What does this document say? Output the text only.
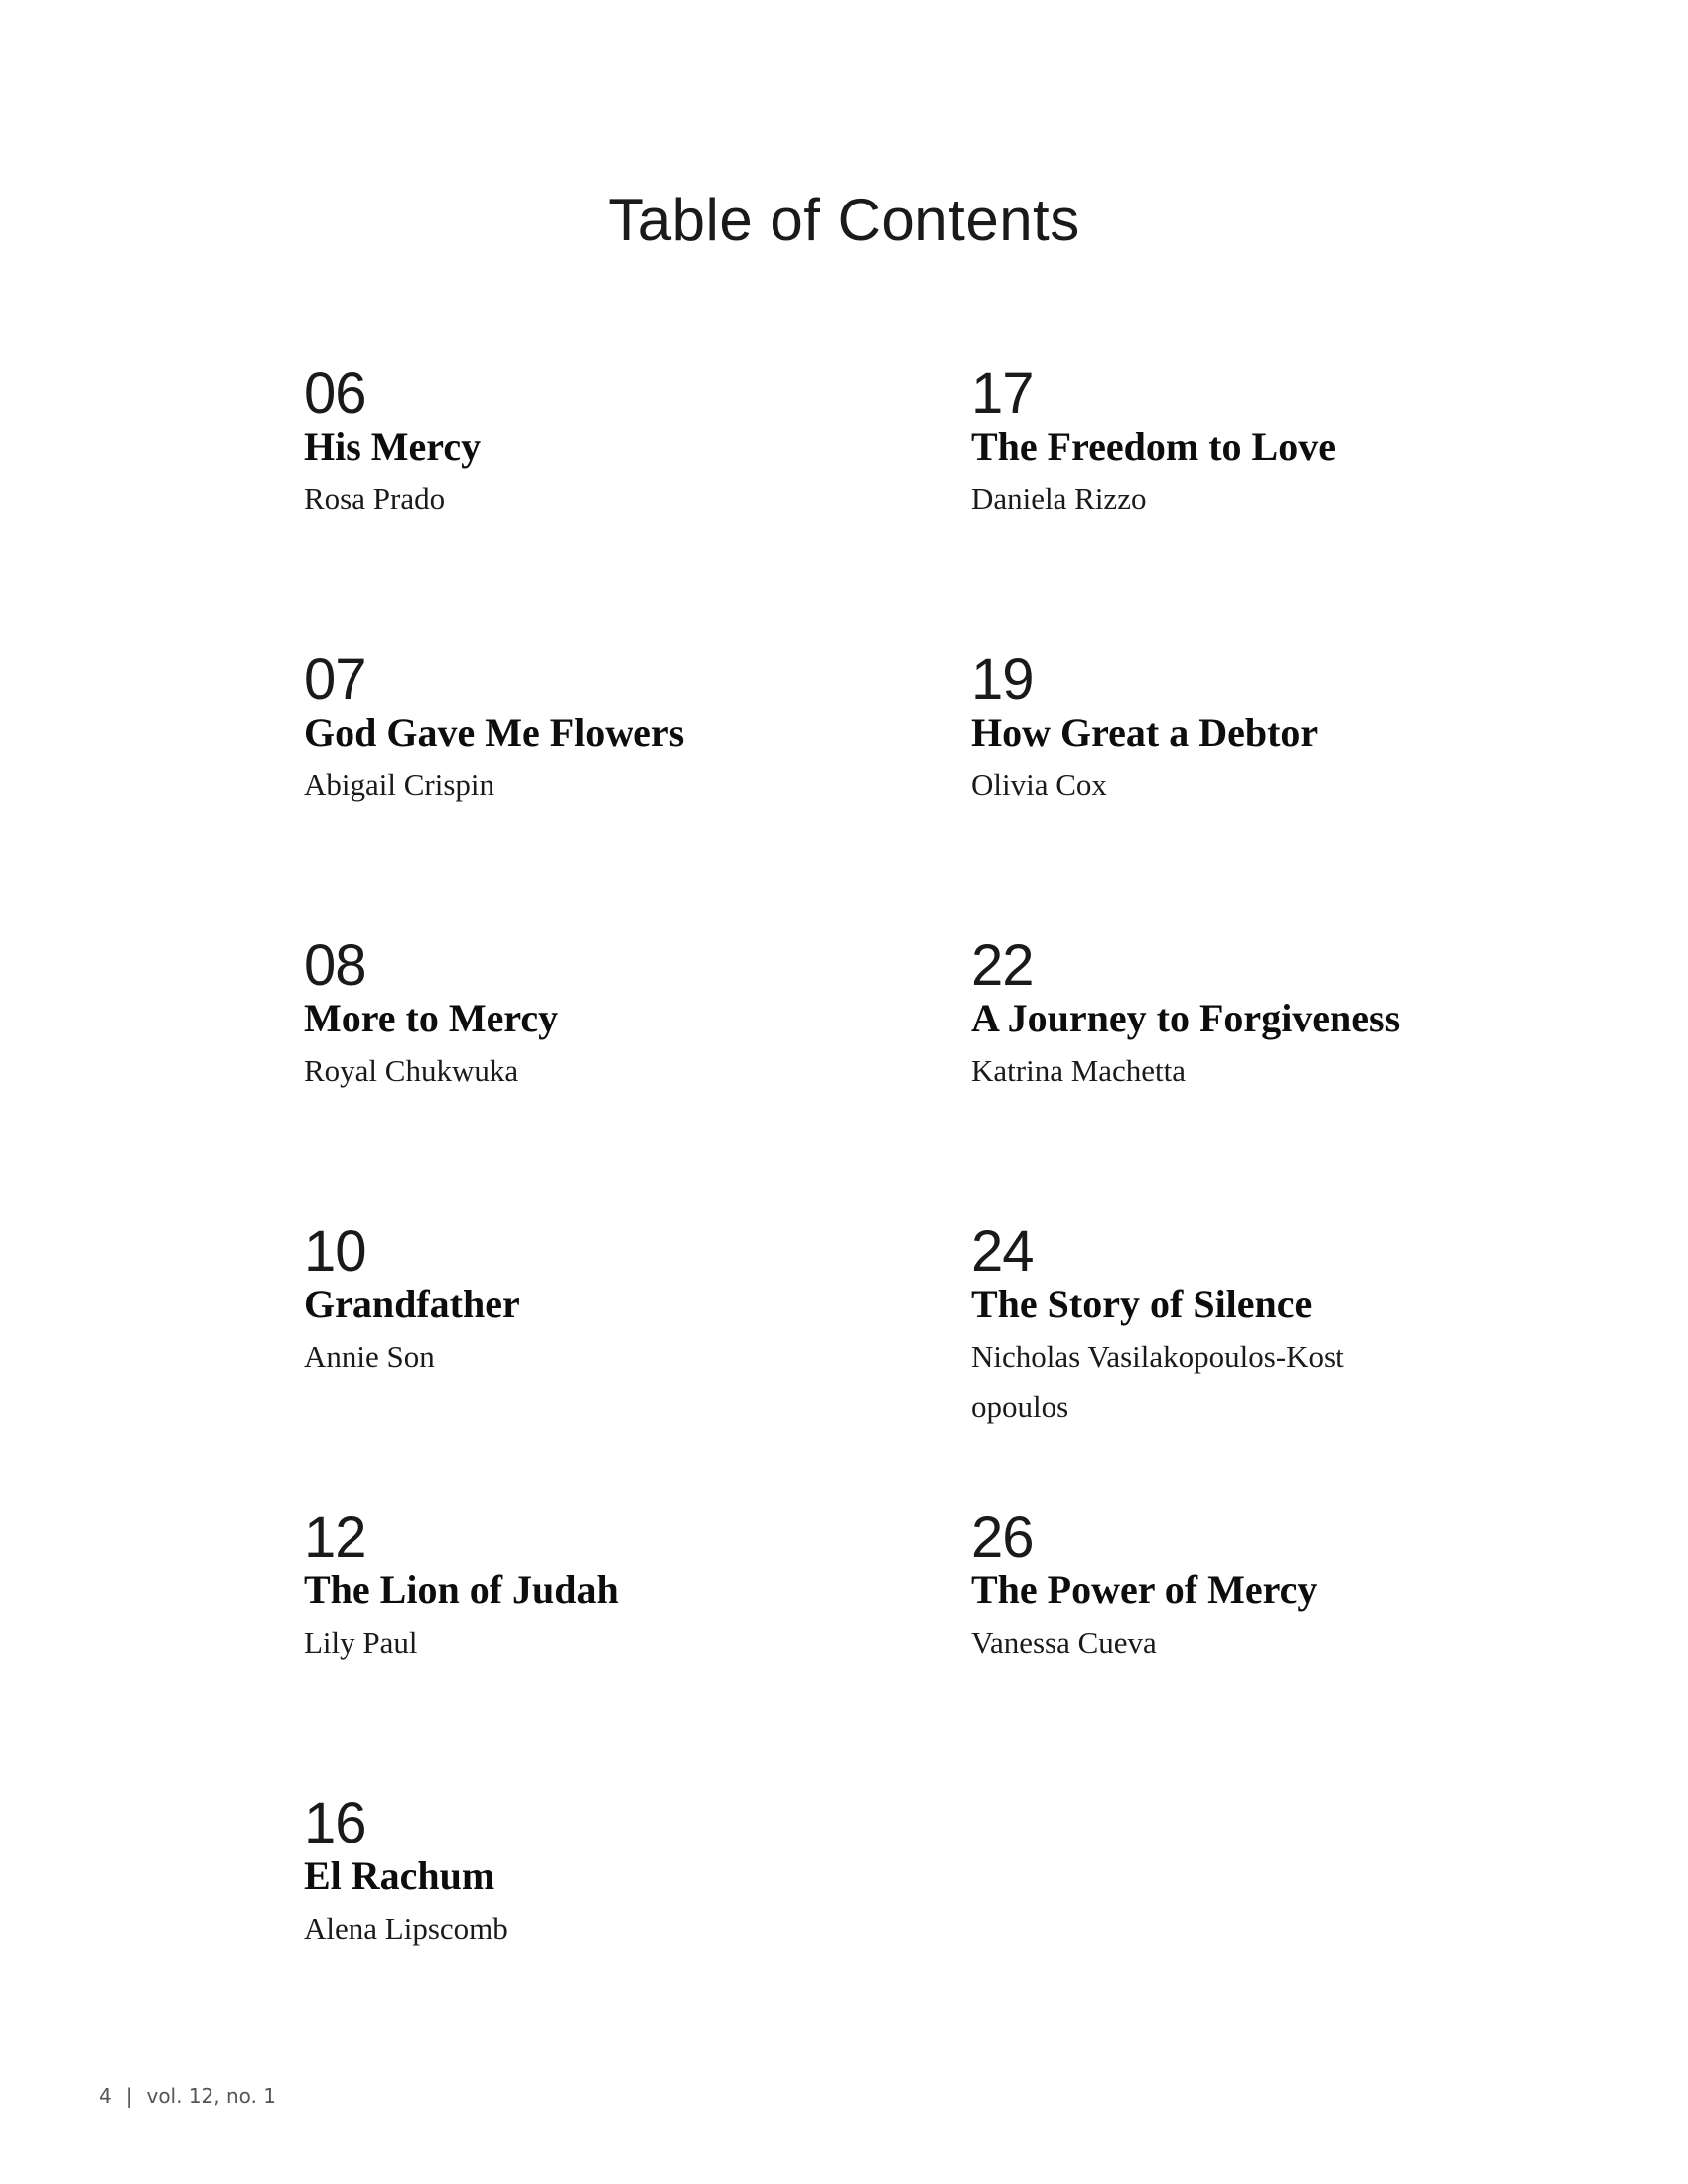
Table of Contents
06
His Mercy
Rosa Prado
07
God Gave Me Flowers
Abigail Crispin
08
More to Mercy
Royal Chukwuka
10
Grandfather
Annie Son
12
The Lion of Judah
Lily Paul
16
El Rachum
Alena Lipscomb
17
The Freedom to Love
Daniela Rizzo
19
How Great a Debtor
Olivia Cox
22
A Journey to Forgiveness
Katrina Machetta
24
The Story of Silence
Nicholas Vasilakopoulos-Kostopoulos
26
The Power of Mercy
Vanessa Cueva
4 | vol. 12, no. 1
